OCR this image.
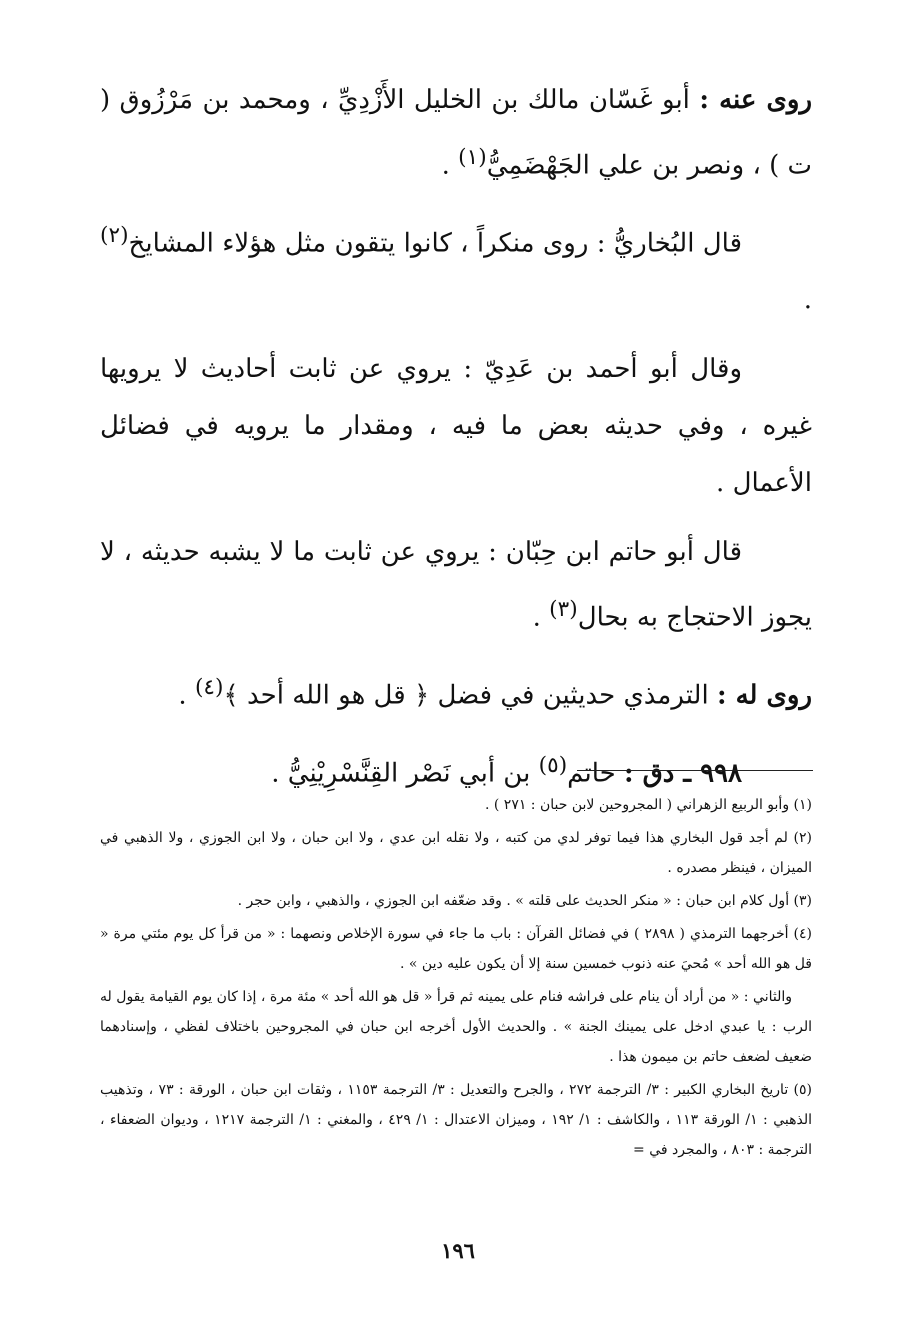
روى عنه : أبو غَسّان مالك بن الخليل الأَزْدِيِّ ، ومحمد بن مَرْزُوق ( ت ) ، ونصر بن علي الجَهْضَمِيُّ$^{(١)}$ .

قال البُخاريُّ : روى منكراً ، كانوا يتقون مثل هؤلاء المشايخ$^{(٢)}$ .

وقال أبو أحمد بن عَدِيّ : يروي عن ثابت أحاديث لا يرويها غيره ، وفي حديثه بعض ما فيه ، ومقدار ما يرويه في فضائل الأعمال .

قال أبو حاتم ابن حِبّان : يروي عن ثابت ما لا يشبه حديثه ، لا يجوز الاحتجاج به بحال$^{(٣)}$ .

روى له : الترمذي حديثين في فضل ﴿ قل هو الله أحد ﴾$^{(٤)}$ .

٩٩٨ ـ دق : حاتم$^{(٥)}$ بن أبي نَصْر القِنَّسْرِيْنِيُّ .

(١) وأبو الربيع الزهراني ( المجروحين لابن حبان : ٢٧١ ) .

(٢) لم أجد قول البخاري هذا فيما توفر لدي من كتبه ، ولا نقله ابن عدي ، ولا ابن حبان ، ولا ابن الجوزي ، ولا الذهبي في الميزان ، فينظر مصدره .

(٣) أول كلام ابن حبان : « منكر الحديث على قلته » . وقد ضعّفه ابن الجوزي ، والذهبي ، وابن حجر .

(٤) أخرجهما الترمذي ( ٢٨٩٨ ) في فضائل القرآن : باب ما جاء في سورة الإخلاص ونصهما : « من قرأ كل يوم مئتي مرة « قل هو الله أحد » مُحيَ عنه ذنوب خمسين سنة إلا أن يكون عليه دين » .

والثاني : « من أراد أن ينام على فراشه فنام على يمينه ثم قرأ « قل هو الله أحد » مئة مرة ، إذا كان يوم القيامة يقول له الرب : يا عبدي ادخل على يمينك الجنة » . والحديث الأول أخرجه ابن حبان في المجروحين باختلاف لفظي ، وإسنادهما ضعيف لضعف حاتم بن ميمون هذا .

(٥) تاريخ البخاري الكبير : ٣/ الترجمة ٢٧٢ ، والجرح والتعديل : ٣/ الترجمة ١١٥٣ ، وثقات ابن حبان ، الورقة : ٧٣ ، وتذهيب الذهبي : ١/ الورقة ١١٣ ، والكاشف : ١/ ١٩٢ ، وميزان الاعتدال : ١/ ٤٢٩ ، والمغني : ١/ الترجمة ١٢١٧ ، وديوان الضعفاء ، الترجمة : ٨٠٣ ، والمجرد في =

١٩٦
